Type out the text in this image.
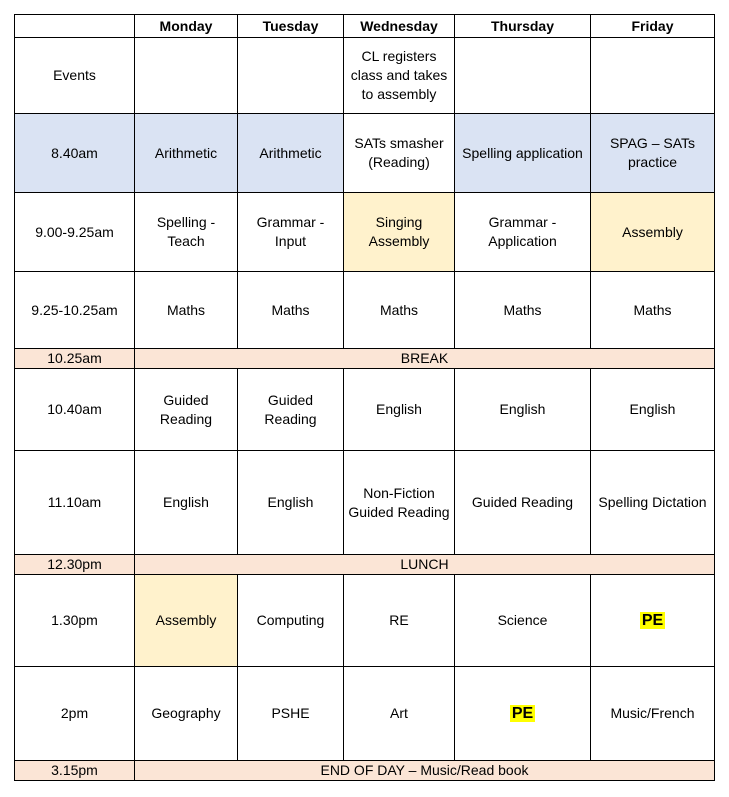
	Monday	Tuesday	Wednesday	Thursday	Friday
Events			CL registers class and takes to assembly		
8.40am	Arithmetic	Arithmetic	SATs smasher (Reading)	Spelling application	SPAG – SATs practice
9.00-9.25am	Spelling - Teach	Grammar - Input	Singing Assembly	Grammar - Application	Assembly
9.25-10.25am	Maths	Maths	Maths	Maths	Maths
10.25am	BREAK				
10.40am	Guided Reading	Guided Reading	English	English	English
11.10am	English	English	Non-Fiction Guided Reading	Guided Reading	Spelling Dictation
12.30pm	LUNCH				
1.30pm	Assembly	Computing	RE	Science	PE
2pm	Geography	PSHE	Art	PE	Music/French
3.15pm	END OF DAY – Music/Read book				
